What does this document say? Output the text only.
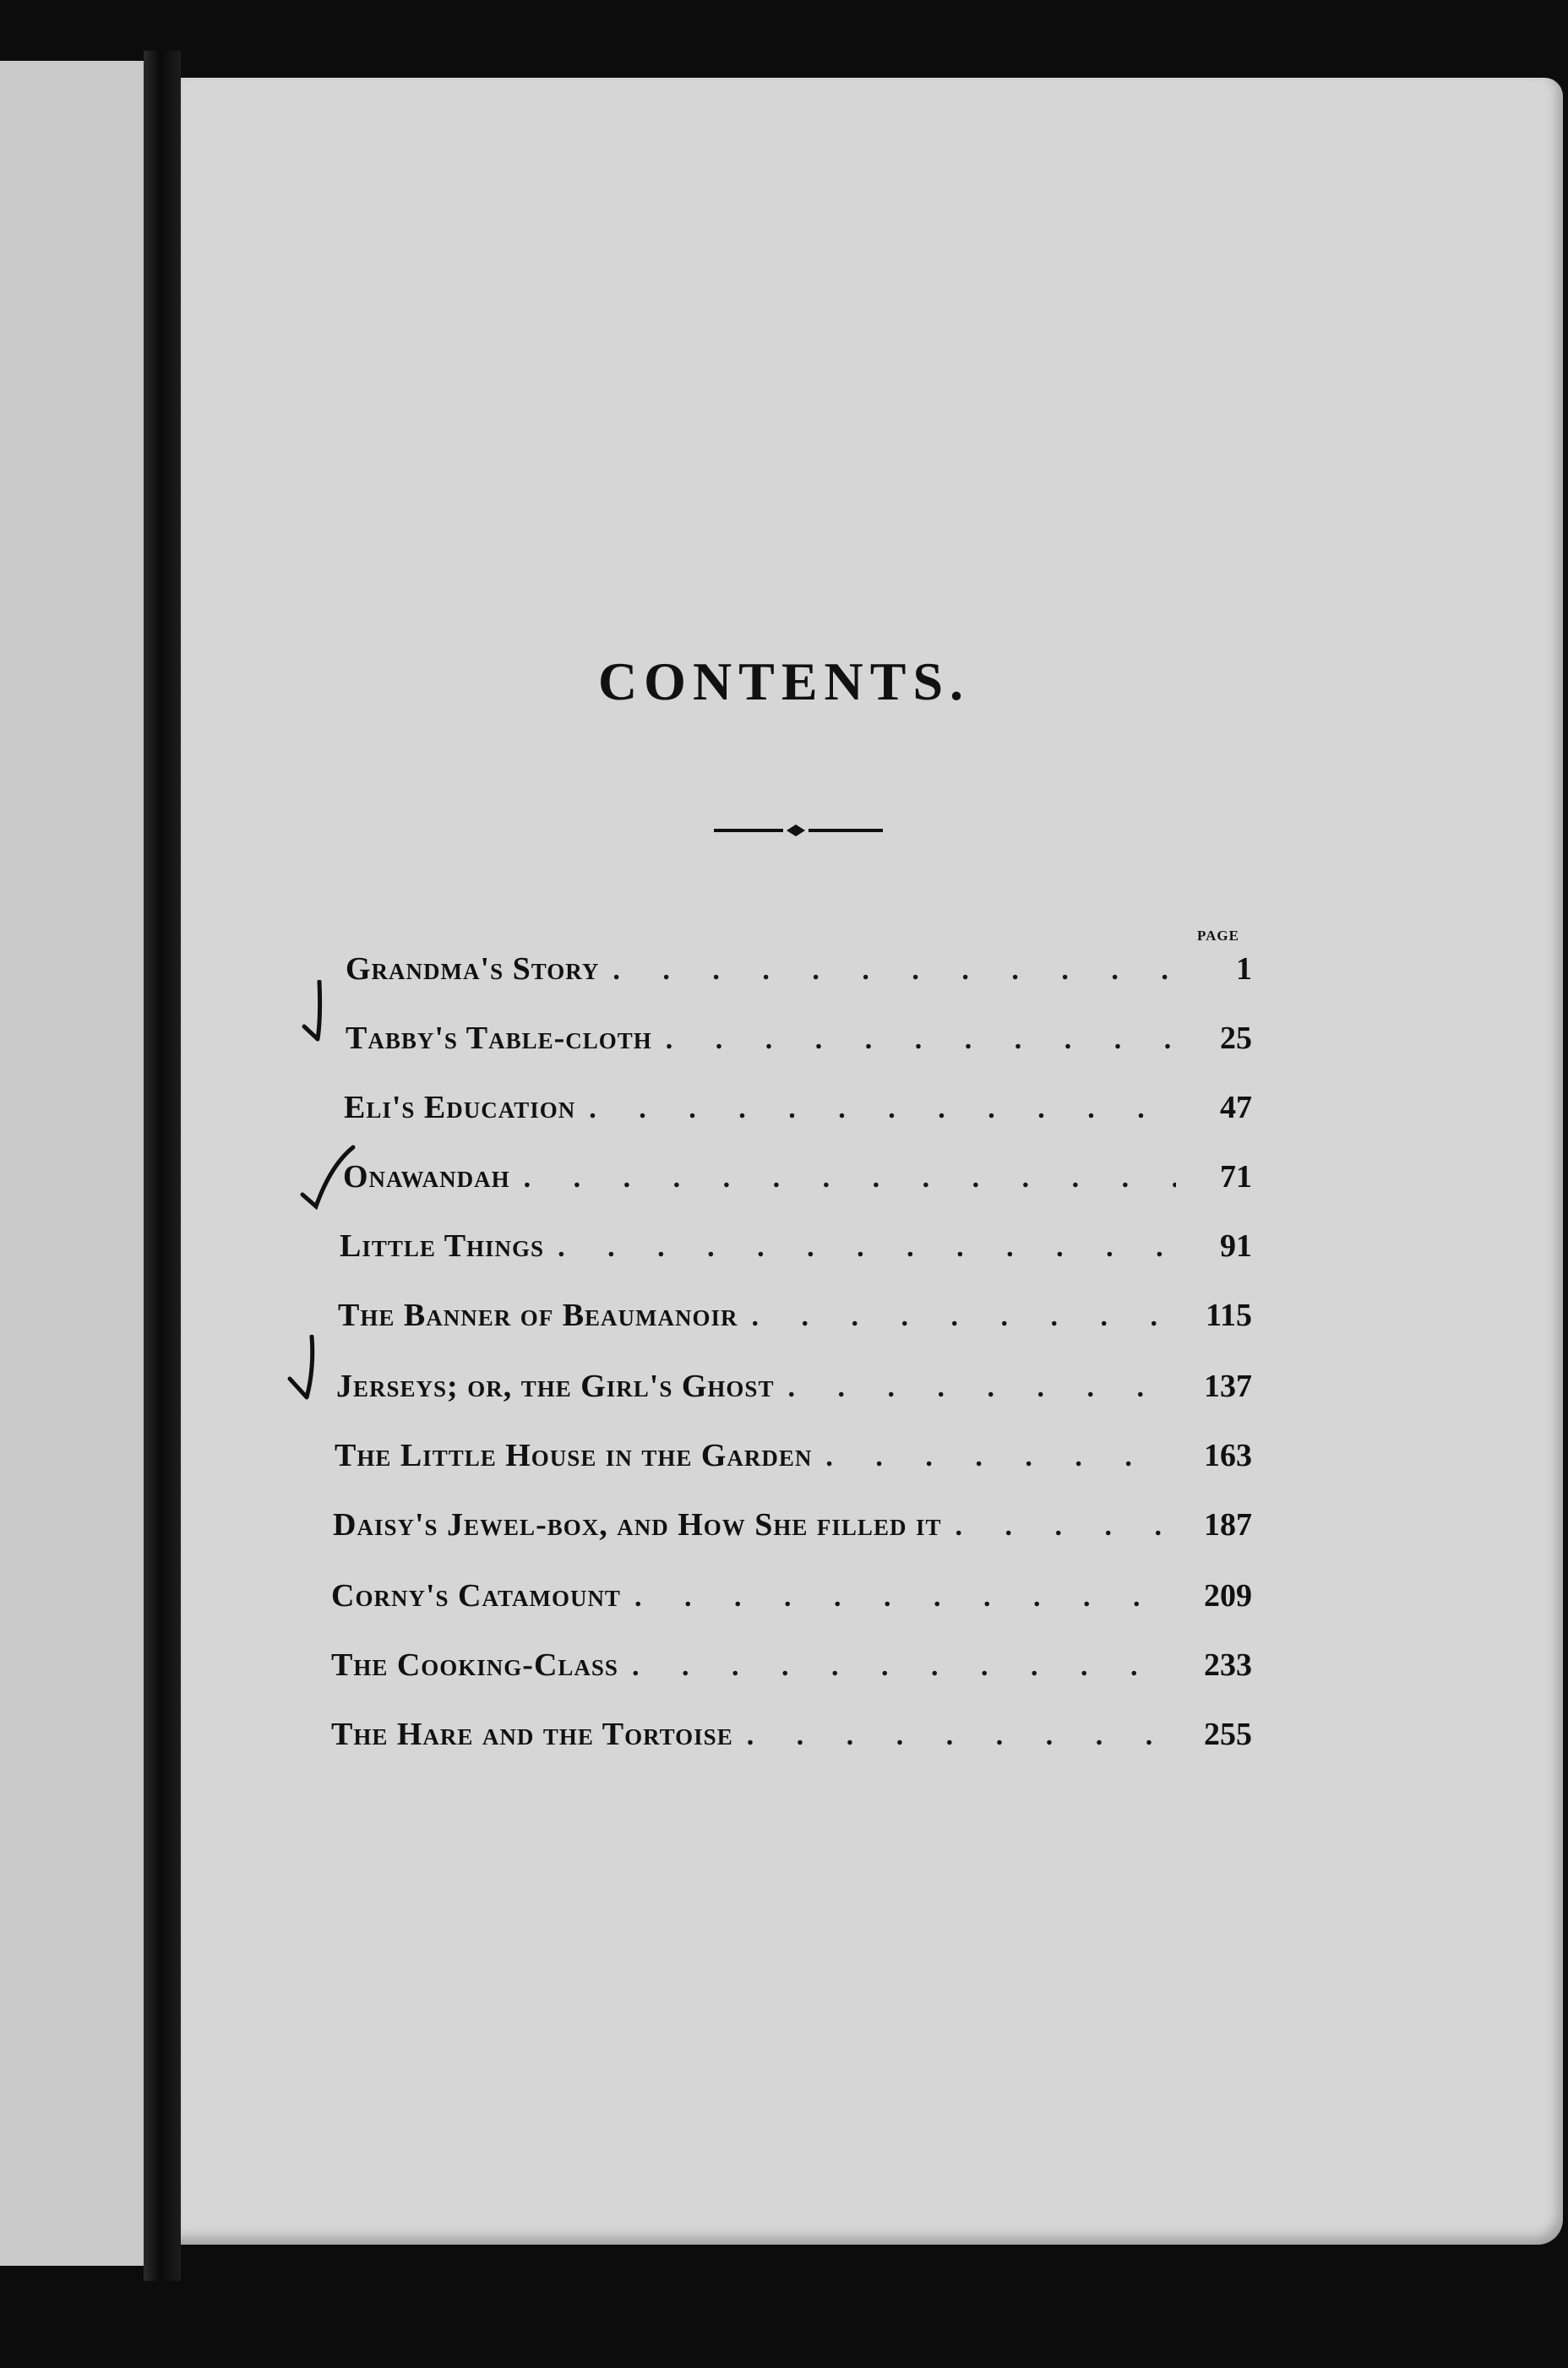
CONTENTS.
PAGE
Grandma's Story . . .	1
Tabby's Table-cloth . . .	25
Eli's Education . . .	47
Onawandah . . .	71
Little Things . . .	91
The Banner of Beaumanoir . . .	115
Jerseys; or, the Girl's Ghost . . .	137
The Little House in the Garden . . .	163
Daisy's Jewel-box, and How She filled it . . .	187
Corny's Catamount . . .	209
The Cooking-Class . . .	233
The Hare and the Tortoise . . .	255
